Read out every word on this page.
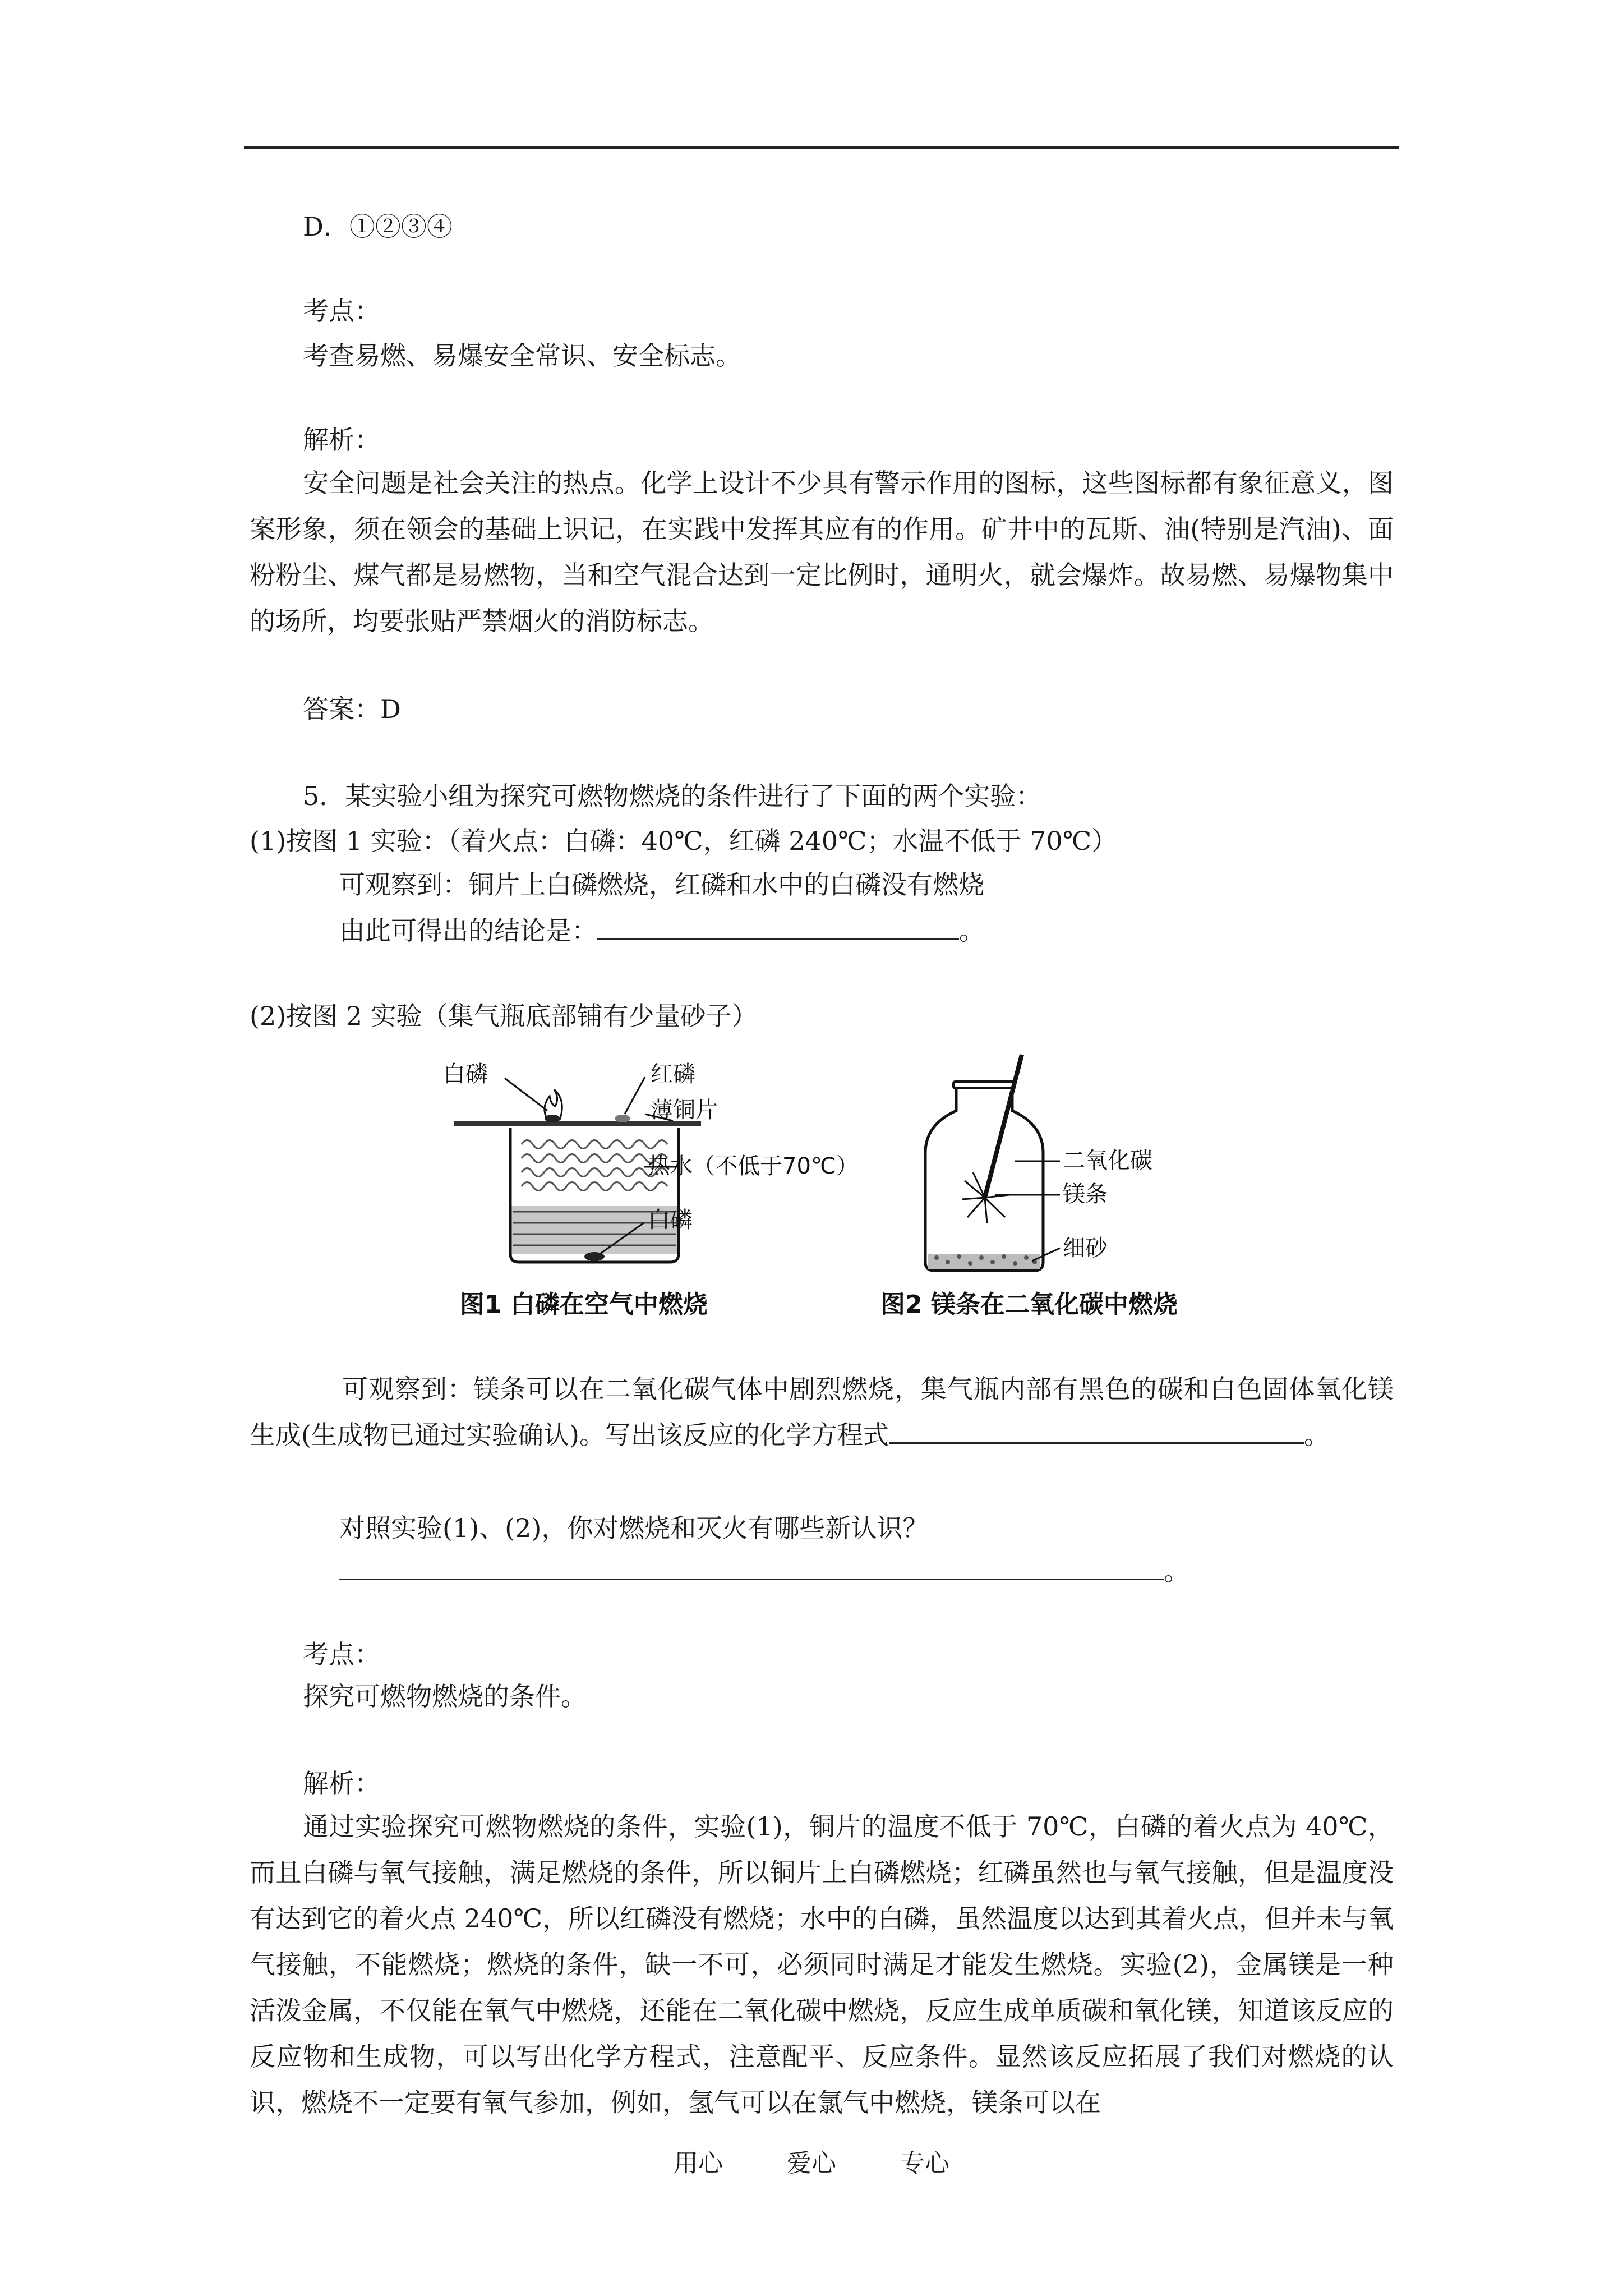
D．①②③④
考点：
考查易燃、易爆安全常识、安全标志。
解析：
安全问题是社会关注的热点。化学上设计不少具有警示作用的图标，这些图标都有象征意义，图案形象，须在领会的基础上识记，在实践中发挥其应有的作用。矿井中的瓦斯、油(特别是汽油)、面粉粉尘、煤气都是易燃物，当和空气混合达到一定比例时，通明火，就会爆炸。故易燃、易爆物集中的场所，均要张贴严禁烟火的消防标志。
答案：D
5．某实验小组为探究可燃物燃烧的条件进行了下面的两个实验：
(1)按图 1 实验：（着火点：白磷：40℃，红磷 240℃；水温不低于 70℃）
可观察到：铜片上白磷燃烧，红磷和水中的白磷没有燃烧
由此可得出的结论是：	。
(2)按图 2 实验（集气瓶底部铺有少量砂子）
白磷	红磷
薄铜片
热水（不低于70℃）
白磷
图1 白磷在空气中燃烧
二氧化碳
镁条
细砂
图2 镁条在二氧化碳中燃烧
可观察到：镁条可以在二氧化碳气体中剧烈燃烧，集气瓶内部有黑色的碳和白色固体氧化镁生成(生成物已通过实验确认)。写出该反应的化学方程式	。
对照实验(1)、(2)，你对燃烧和灭火有哪些新认识？
。
考点：
探究可燃物燃烧的条件。
解析：
通过实验探究可燃物燃烧的条件，实验(1)，铜片的温度不低于 70℃，白磷的着火点为 40℃，而且白磷与氧气接触，满足燃烧的条件，所以铜片上白磷燃烧；红磷虽然也与氧气接触，但是温度没有达到它的着火点 240℃，所以红磷没有燃烧；水中的白磷，虽然温度以达到其着火点，但并未与氧气接触，不能燃烧；燃烧的条件，缺一不可，必须同时满足才能发生燃烧。实验(2)，金属镁是一种活泼金属，不仅能在氧气中燃烧，还能在二氧化碳中燃烧，反应生成单质碳和氧化镁，知道该反应的反应物和生成物，可以写出化学方程式，注意配平、反应条件。显然该反应拓展了我们对燃烧的认识，燃烧不一定要有氧气参加，例如，氢气可以在氯气中燃烧，镁条可以在
用心	爱心	专心
